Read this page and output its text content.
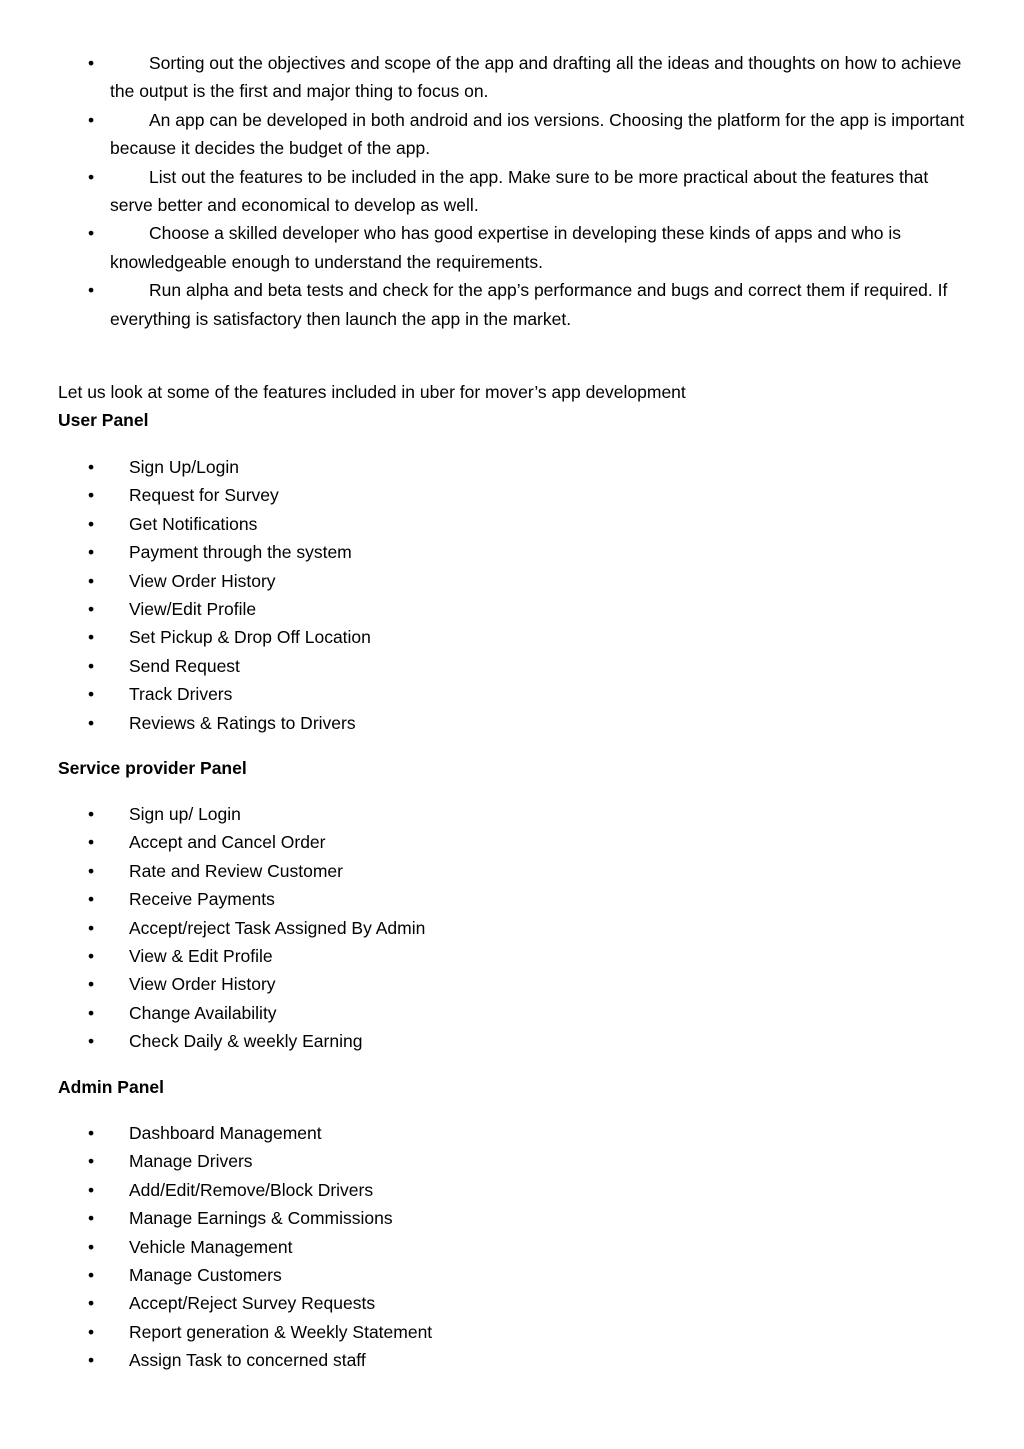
•	Sorting out the objectives and scope of the app and drafting all the ideas and thoughts on how to achieve the output is the first and major thing to focus on.
•	An app can be developed in both android and ios versions. Choosing the platform for the app is important because it decides the budget of the app.
•	List out the features to be included in the app. Make sure to be more practical about the features that serve better and economical to develop as well.
•	Choose a skilled developer who has good expertise in developing these kinds of apps and who is knowledgeable enough to understand the requirements.
•	Run alpha and beta tests and check for the app’s performance and bugs and correct them if required. If everything is satisfactory then launch the app in the market.

Let us look at some of the features included in uber for mover’s app development

User Panel
• Sign Up/Login
• Request for Survey
• Get Notifications
• Payment through the system
• View Order History
• View/Edit Profile
• Set Pickup & Drop Off Location
• Send Request
• Track Drivers
• Reviews & Ratings to Drivers
Service provider Panel
• Sign up/ Login
• Accept and Cancel Order
• Rate and Review Customer
• Receive Payments
• Accept/reject Task Assigned By Admin
• View & Edit Profile
• View Order History
• Change Availability
• Check Daily & weekly Earning
Admin Panel
• Dashboard Management
• Manage Drivers
• Add/Edit/Remove/Block Drivers
• Manage Earnings & Commissions
• Vehicle Management
• Manage Customers
• Accept/Reject Survey Requests
• Report generation & Weekly Statement
• Assign Task to concerned staff
